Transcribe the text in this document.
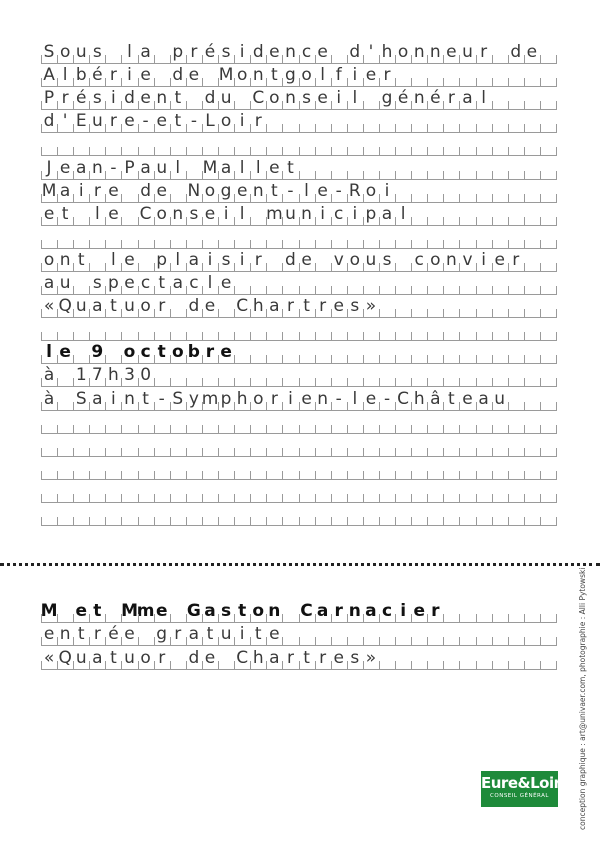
S o u s	l a p r é s i d e n c e d ' h o n n e u r d e
A l b é r i e d e M o n t g o l f i e r
P r é s i d e n t d u C o n s e i l	g é n é r a l
d ' E u r e - e t - L o i r
J e a n - P a u l	M a l l e t
M a i r e d e N o g e n t - l e - R o i
e t	l e C o n s e i l	m u n i c i p a l
o n t	l e p l a i s i r d e v o u s c o n v i e r
a u s p e c t a c l e
« Q u a t u o r d e C h a r t r e s »
l e 9 o c t o b r e
à 1 7 h 3 0
à S a i n t - S y m p h o r i e n - l e - C h â t e a u
M e t M
m e G a s t o n C a r n a c i e r
e n t r é e g r a t u i t e
« Q u a t u o r d e C h a r t r e s »
Eure&Loir
CONSEIL GÉNÉRAL	conception graphique : art@univaer.com, photographie : Alli Pytowski
